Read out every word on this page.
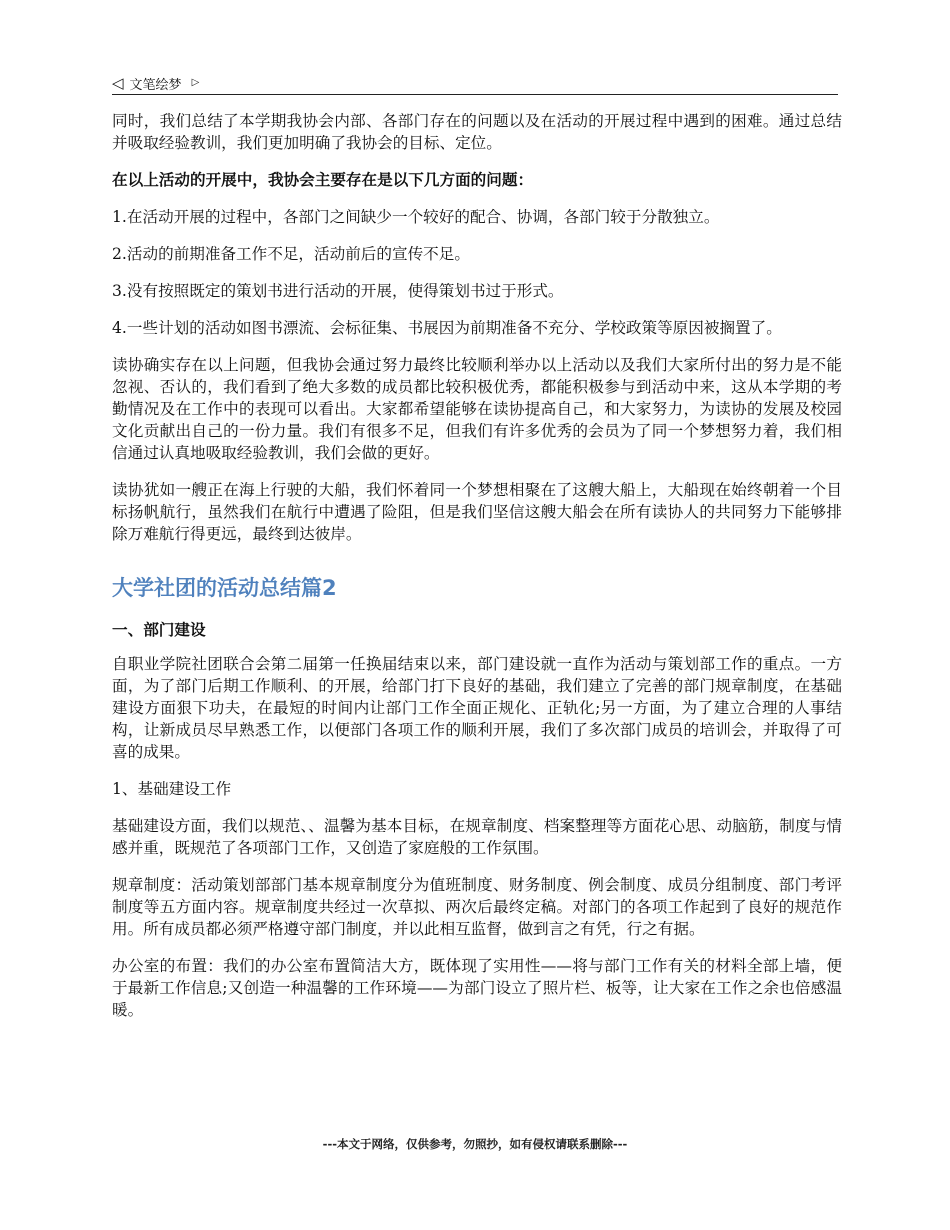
◁ 文笔绘梦 ▷

同时，我们总结了本学期我协会内部、各部门存在的问题以及在活动的开展过程中遇到的困难。通过总结并吸取经验教训，我们更加明确了我协会的目标、定位。

在以上活动的开展中，我协会主要存在是以下几方面的问题：

1.在活动开展的过程中，各部门之间缺少一个较好的配合、协调，各部门较于分散独立。

2.活动的前期准备工作不足，活动前后的宣传不足。

3.没有按照既定的策划书进行活动的开展，使得策划书过于形式。

4.一些计划的活动如图书漂流、会标征集、书展因为前期准备不充分、学校政策等原因被搁置了。

读协确实存在以上问题，但我协会通过努力最终比较顺利举办以上活动以及我们大家所付出的努力是不能忽视、否认的，我们看到了绝大多数的成员都比较积极优秀，都能积极参与到活动中来，这从本学期的考勤情况及在工作中的表现可以看出。大家都希望能够在读协提高自己，和大家努力，为读协的发展及校园文化贡献出自己的一份力量。我们有很多不足，但我们有许多优秀的会员为了同一个梦想努力着，我们相信通过认真地吸取经验教训，我们会做的更好。

读协犹如一艘正在海上行驶的大船，我们怀着同一个梦想相聚在了这艘大船上，大船现在始终朝着一个目标扬帆航行，虽然我们在航行中遭遇了险阻，但是我们坚信这艘大船会在所有读协人的共同努力下能够排除万难航行得更远，最终到达彼岸。

大学社团的活动总结篇2
一、部门建设

自职业学院社团联合会第二届第一任换届结束以来，部门建设就一直作为活动与策划部工作的重点。一方面，为了部门后期工作顺利、的开展，给部门打下良好的基础，我们建立了完善的部门规章制度，在基础建设方面狠下功夫，在最短的时间内让部门工作全面正规化、正轨化;另一方面，为了建立合理的人事结构，让新成员尽早熟悉工作，以便部门各项工作的顺利开展，我们了多次部门成员的培训会，并取得了可喜的成果。

1、基础建设工作

基础建设方面，我们以规范、、温馨为基本目标，在规章制度、档案整理等方面花心思、动脑筋，制度与情感并重，既规范了各项部门工作，又创造了家庭般的工作氛围。

规章制度：活动策划部部门基本规章制度分为值班制度、财务制度、例会制度、成员分组制度、部门考评制度等五方面内容。规章制度共经过一次草拟、两次后最终定稿。对部门的各项工作起到了良好的规范作用。所有成员都必须严格遵守部门制度，并以此相互监督，做到言之有凭，行之有据。

办公室的布置：我们的办公室布置简洁大方，既体现了实用性——将与部门工作有关的材料全部上墙，便于最新工作信息;又创造一种温馨的工作环境——为部门设立了照片栏、板等，让大家在工作之余也倍感温暖。

---本文于网络，仅供参考，勿照抄，如有侵权请联系删除---
